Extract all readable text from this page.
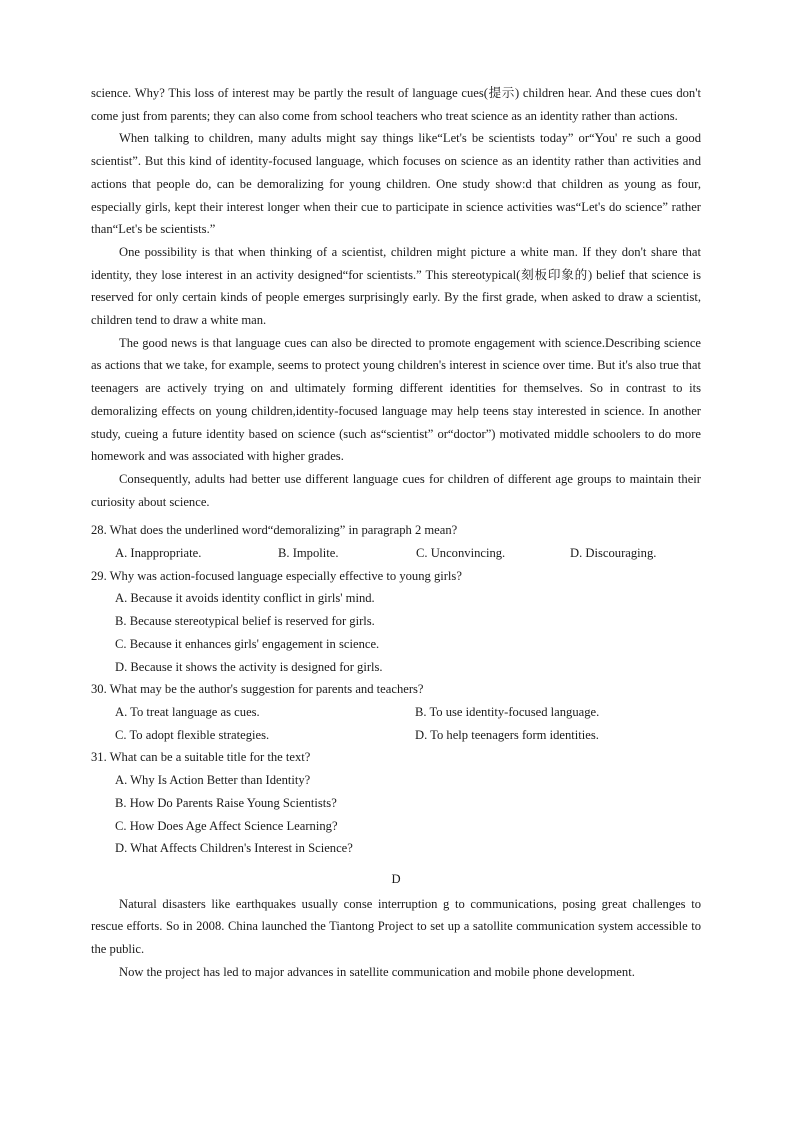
science. Why? This loss of interest may be partly the result of language cues(提示) children hear. And these cues don't come just from parents; they can also come from school teachers who treat science as an identity rather than actions.

When talking to children, many adults might say things like“Let's be scientists today” or“You' re such a good scientist”. But this kind of identity-focused language, which focuses on science as an identity rather than activities and actions that people do, can be demoralizing for young children. One study show:d that children as young as four, especially girls, kept their interest longer when their cue to participate in science activities was“Let's do science” rather than“Let's be scientists.”

One possibility is that when thinking of a scientist, children might picture a white man. If they don't share that identity, they lose interest in an activity designed“for scientists.” This stereotypical(刻板印象的) belief that science is reserved for only certain kinds of people emerges surprisingly early. By the first grade, when asked to draw a scientist, children tend to draw a white man.

The good news is that language cues can also be directed to promote engagement with science.Describing science as actions that we take, for example, seems to protect young children's interest in science over time. But it's also true that teenagers are actively trying on and ultimately forming different identities for themselves. So in contrast to its demoralizing effects on young children,identity-focused language may help teens stay interested in science. In another study, cueing a future identity based on science (such as“scientist” or“doctor”) motivated middle schoolers to do more homework and was associated with higher grades.

Consequently, adults had better use different language cues for children of different age groups to maintain their curiosity about science.

28. What does the underlined word“demoralizing” in paragraph 2 mean?

A. Inappropriate.	B. Impolite.	C. Unconvincing.	D. Discouraging.

29. Why was action-focused language especially effective to young girls?

A. Because it avoids identity conflict in girls' mind.
B. Because stereotypical belief is reserved for girls.
C. Because it enhances girls' engagement in science.
D. Because it shows the activity is designed for girls.

30. What may be the author's suggestion for parents and teachers?

A. To treat language as cues.	B. To use identity-focused language.
C. To adopt flexible strategies.	D. To help teenagers form identities.

31. What can be a suitable title for the text?

A. Why Is Action Better than Identity?
B. How Do Parents Raise Young Scientists?
C. How Does Age Affect Science Learning?
D. What Affects Children's Interest in Science?
D

Natural disasters like earthquakes usually conse interruption g to communications, posing great challenges to rescue efforts. So in 2008. China launched the Tiantong Project to set up a satollite communication system accessible to the public.

Now the project has led to major advances in satellite communication and mobile phone development.
